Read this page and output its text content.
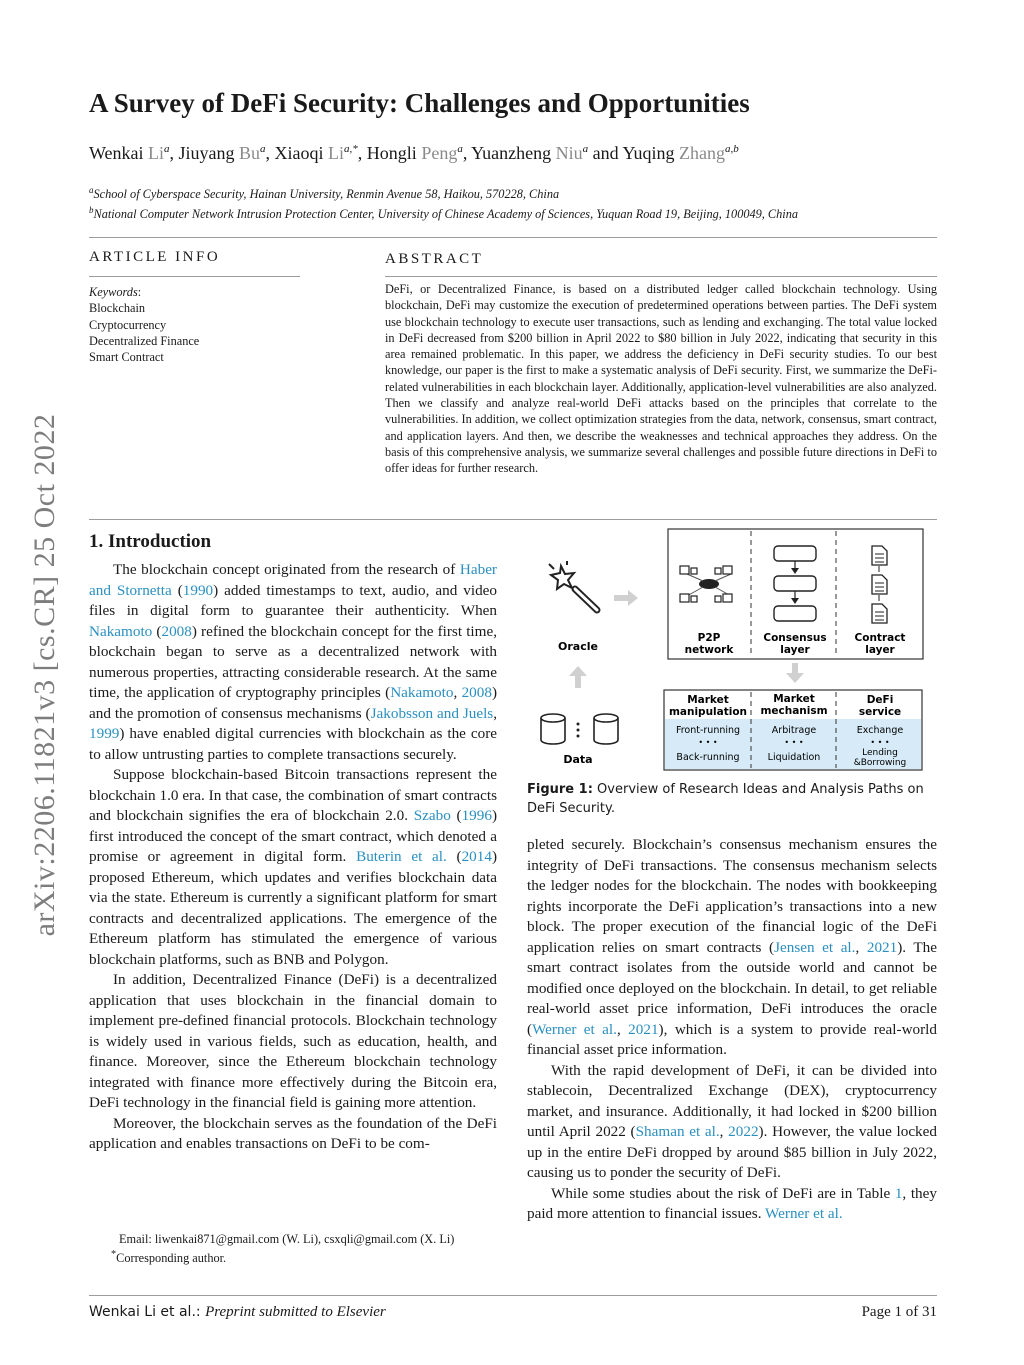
arXiv:2206.11821v3 [cs.CR] 25 Oct 2022
A Survey of DeFi Security: Challenges and Opportunities
Wenkai Li$^a$, Jiuyang Bu$^a$, Xiaoqi $Li^{a,*}$, Hongli Peng$^a$, Yuanzheng Niu$^a$ and Yuqing Zhang$^{a,b}$
$^a$School of Cyberspace Security, Hainan University, Renmin Avenue 58, Haikou, 570228, China
$^b$National Computer Network Intrusion Protection Center, University of Chinese Academy of Sciences, Yuquan Road 19, Beijing, 100049, China
ARTICLE INFO
Keywords:
Blockchain
Cryptocurrency
Decentralized Finance
Smart Contract
ABSTRACT
DeFi, or Decentralized Finance, is based on a distributed ledger called blockchain technology. Using blockchain, DeFi may customize the execution of predetermined operations between parties. The DeFi system use blockchain technology to execute user transactions, such as lending and exchanging. The total value locked in DeFi decreased from $200 billion in April 2022 to $80 billion in July 2022, indicating that security in this area remained problematic. In this paper, we address the deficiency in DeFi security studies. To our best knowledge, our paper is the first to make a systematic analysis of DeFi security. First, we summarize the DeFi-related vulnerabilities in each blockchain layer. Additionally, application-level vulnerabilities are also analyzed. Then we classify and analyze real-world DeFi attacks based on the principles that correlate to the vulnerabilities. In addition, we collect optimization strategies from the data, network, consensus, smart contract, and application layers. And then, we describe the weaknesses and technical approaches they address. On the basis of this comprehensive analysis, we summarize several challenges and possible future directions in DeFi to offer ideas for further research.
1. Introduction

The blockchain concept originated from the research of Haber and Stornetta (1990) added timestamps to text, audio, and video files in digital form to guarantee their authenticity. When Nakamoto (2008) refined the blockchain concept for the first time, blockchain began to serve as a decentralized network with numerous properties, attracting considerable research. At the same time, the application of cryptography principles (Nakamoto, 2008) and the promotion of consensus mechanisms (Jakobsson and Juels, 1999) have enabled digital currencies with blockchain as the core to allow untrusting parties to complete transactions securely.

Suppose blockchain-based Bitcoin transactions represent the blockchain 1.0 era. In that case, the combination of smart contracts and blockchain signifies the era of blockchain 2.0. Szabo (1996) first introduced the concept of the smart contract, which denoted a promise or agreement in digital form. Buterin et al. (2014) proposed Ethereum, which updates and verifies blockchain data via the state. Ethereum is currently a significant platform for smart contracts and decentralized applications. The emergence of the Ethereum platform has stimulated the emergence of various blockchain platforms, such as BNB and Polygon.

In addition, Decentralized Finance (DeFi) is a decentralized application that uses blockchain in the financial domain to implement pre-defined financial protocols. Blockchain technology is widely used in various fields, such as education, health, and finance. Moreover, since the Ethereum blockchain technology integrated with finance more effectively during the Bitcoin era, DeFi technology in the financial field is gaining more attention.

Moreover, the blockchain serves as the foundation of the DeFi application and enables transactions on DeFi to be com-

pleted securely. Blockchain’s consensus mechanism ensures the integrity of DeFi transactions. The consensus mechanism selects the ledger nodes for the blockchain. The nodes with bookkeeping rights incorporate the DeFi application’s transactions into a new block. The proper execution of the financial logic of the DeFi application relies on smart contracts (Jensen et al., 2021). The smart contract isolates from the outside world and cannot be modified once deployed on the blockchain. In detail, to get reliable real-world asset price information, DeFi introduces the oracle (Werner et al., 2021), which is a system to provide real-world financial asset price information.

With the rapid development of DeFi, it can be divided into stablecoin, Decentralized Exchange (DEX), cryptocurrency market, and insurance. Additionally, it had locked in $200 billion until April 2022 (Shaman et al., 2022). However, the value locked up in the entire DeFi dropped by around $85 billion in July 2022, causing us to ponder the security of DeFi.

While some studies about the risk of DeFi are in Table 1, they paid more attention to financial issues. Werner et al.

Oracle
Data
P2P
network
Consensus
layer
Contract
layer
Market
manipulation
Market
mechanism
DeFi
service
Front-running
• • •
Back-running
Arbitrage
• • •
Liquidation
Exchange
• • •
Lending
&Borrowing
Figure 1: Overview of Research Ideas and Analysis Paths on DeFi Security.
Email: liwenkai871@gmail.com (W. Li), csxqli@gmail.com (X. Li)
*Corresponding author.
Wenkai Li et al.: Preprint submitted to Elsevier	Page 1 of 31
